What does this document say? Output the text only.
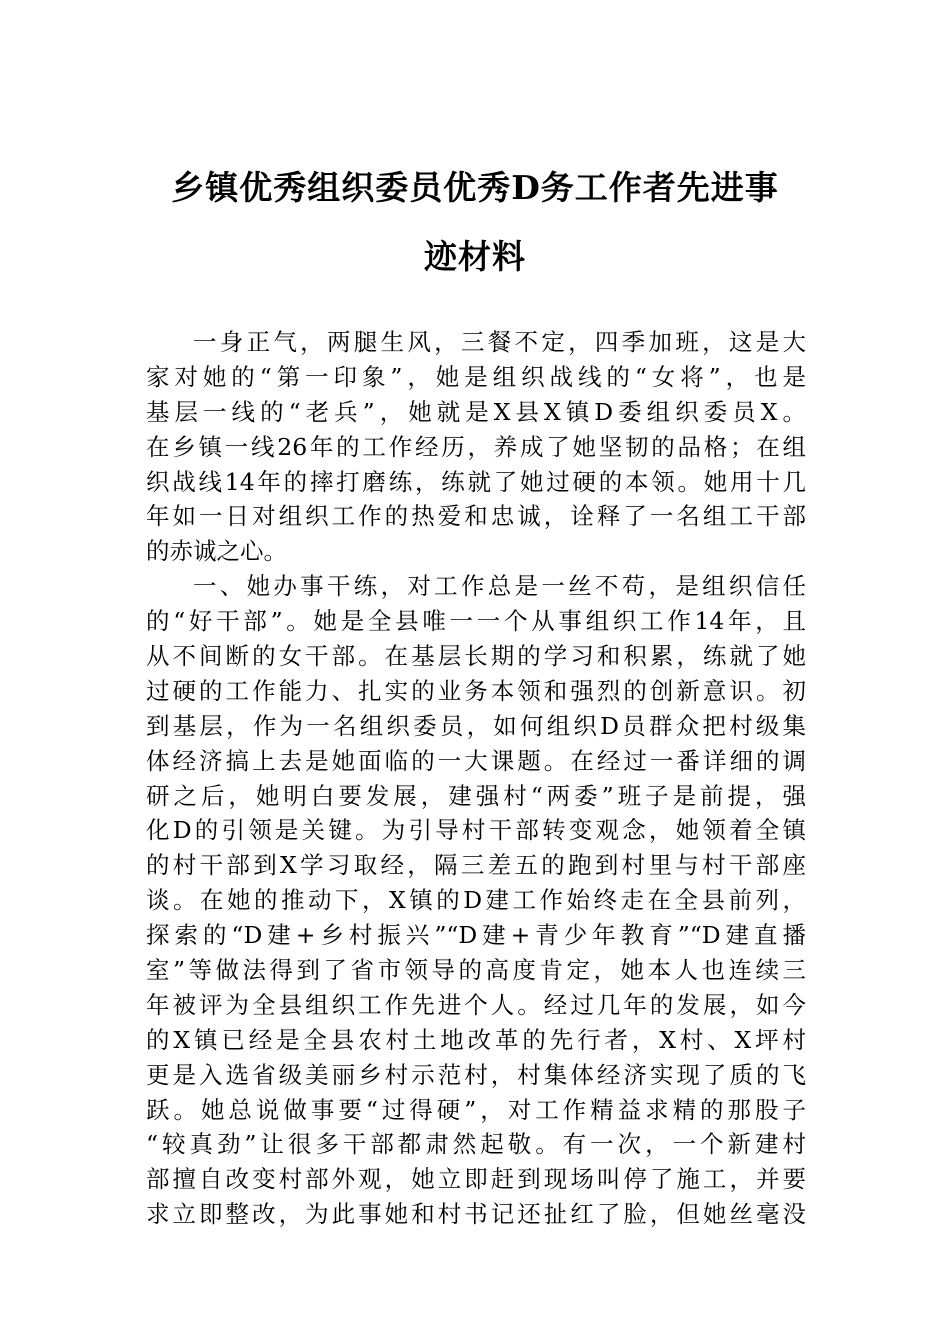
乡镇优秀组织委员优秀D务工作者先进事
迹材料
一身正气，两腿生风，三餐不定，四季加班，这是大
家对她的“第一印象”，她是组织战线的“女将”，也是
基层一线的“老兵”，她就是X县X镇D委组织委员X。
在乡镇一线26年的工作经历，养成了她坚韧的品格；在组
织战线14年的摔打磨练，练就了她过硬的本领。她用十几
年如一日对组织工作的热爱和忠诚，诠释了一名组工干部
的赤诚之心。
一、她办事干练，对工作总是一丝不苟，是组织信任
的“好干部”。她是全县唯一一个从事组织工作14年，且
从不间断的女干部。在基层长期的学习和积累，练就了她
过硬的工作能力、扎实的业务本领和强烈的创新意识。初
到基层，作为一名组织委员，如何组织D员群众把村级集
体经济搞上去是她面临的一大课题。在经过一番详细的调
研之后，她明白要发展，建强村“两委”班子是前提，强
化D的引领是关键。为引导村干部转变观念，她领着全镇
的村干部到X学习取经，隔三差五的跑到村里与村干部座
谈。在她的推动下，X镇的D建工作始终走在全县前列，
探索的“D建+乡村振兴”“D建+青少年教育”“D建直播
室”等做法得到了省市领导的高度肯定，她本人也连续三
年被评为全县组织工作先进个人。经过几年的发展，如今
的X镇已经是全县农村土地改革的先行者，X村、X坪村
更是入选省级美丽乡村示范村，村集体经济实现了质的飞
跃。她总说做事要“过得硬”，对工作精益求精的那股子
“较真劲”让很多干部都肃然起敬。有一次，一个新建村
部擅自改变村部外观，她立即赶到现场叫停了施工，并要
求立即整改，为此事她和村书记还扯红了脸，但她丝毫没
